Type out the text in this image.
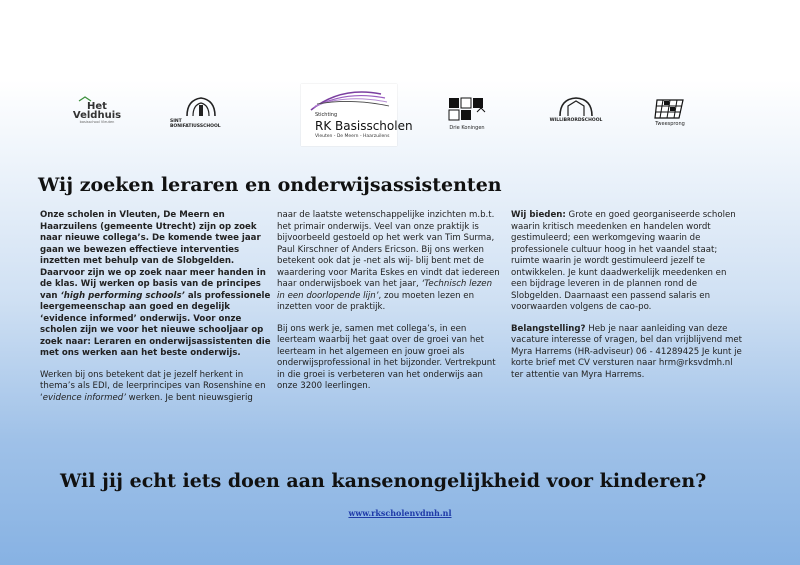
Het
Veldhuis
basisschool Vleuten	SINT BONIFATIUSSCHOOL
Stichting
RK Basisscholen
Vleuten - De Meern - Haarzuilens
Drie Koningen
WILLIBRORDSCHOOL
Tweesprong
Wij zoeken leraren en onderwijsassistenten

Onze scholen in Vleuten, De Meern en Haarzuilens (gemeente Utrecht) zijn op zoek naar nieuwe collega’s. De komende twee jaar gaan we bewezen effectieve interventies inzetten met behulp van de Slobgelden. Daarvoor zijn we op zoek naar meer handen in de klas. Wij werken op basis van de principes van ‘high performing schools’ als professionele leergemeenschap aan goed en degelijk ‘evidence informed’ onderwijs. Voor onze scholen zijn we voor het nieuwe schooljaar op zoek naar: Leraren en onderwijsassistenten die met ons werken aan het beste onderwijs.

Werken bij ons betekent dat je jezelf herkent in thema’s als EDI, de leerprincipes van Rosenshine en ‘evidence informed’ werken. Je bent nieuwsgierig

naar de laatste wetenschappelijke inzichten m.b.t. het primair onderwijs. Veel van onze praktijk is bijvoorbeeld gestoeld op het werk van Tim Surma, Paul Kirschner of Anders Ericson. Bij ons werken betekent ook dat je -net als wij- blij bent met de waardering voor Marita Eskes en vindt dat iedereen haar onderwijsboek van het jaar, ‘Technisch lezen in een doorlopende lijn’, zou moeten lezen en inzetten voor de praktijk.

Bij ons werk je, samen met collega’s, in een leerteam waarbij het gaat over de groei van het leerteam in het algemeen en jouw groei als onderwijsprofessional in het bijzonder. Vertrekpunt in die groei is verbeteren van het onderwijs aan onze 3200 leerlingen.

Wij bieden: Grote en goed georganiseerde scholen waarin kritisch meedenken en handelen wordt gestimuleerd; een werkomgeving waarin de professionele cultuur hoog in het vaandel staat; ruimte waarin je wordt gestimuleerd jezelf te ontwikkelen. Je kunt daadwerkelijk meedenken en een bijdrage leveren in de plannen rond de Slobgelden. Daarnaast een passend salaris en voorwaarden volgens de cao-po.

Belangstelling? Heb je naar aanleiding van deze vacature interesse of vragen, bel dan vrijblijvend met Myra Harrems (HR-adviseur) 06 - 41289425 Je kunt je korte brief met CV versturen naar hrm@rksvdmh.nl ter attentie van Myra Harrems.

Wil jij echt iets doen aan kansenongelijkheid voor kinderen?
www.rkscholenvdmh.nl
